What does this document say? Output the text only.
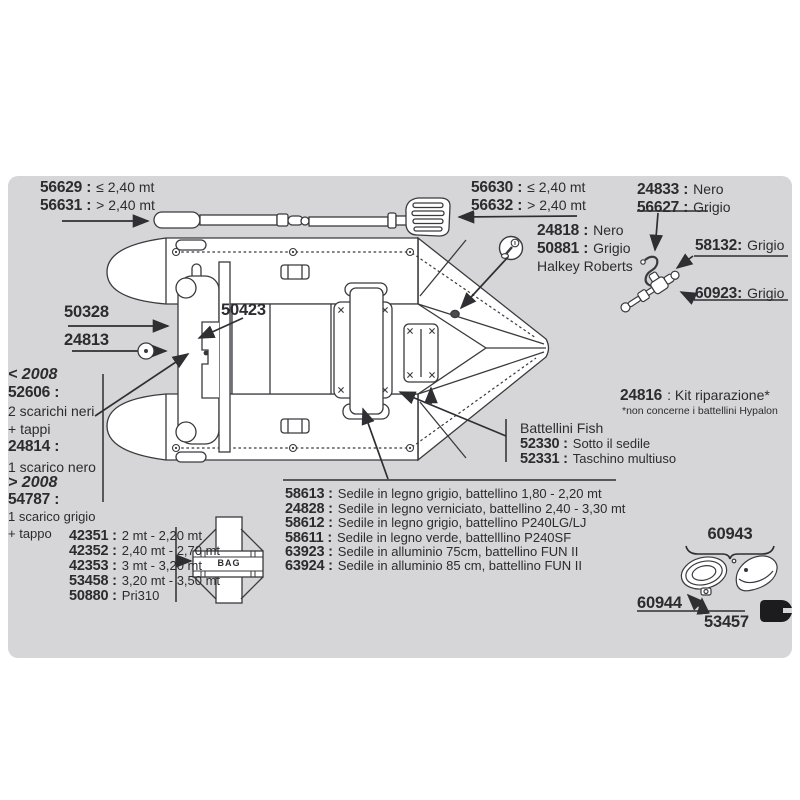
56629 : ≤ 2,40 mt
56631 : > 2,40 mt
56630 : ≤ 2,40 mt
56632 : > 2,40 mt
24833 : Nero
56627 : Grigio
24818 : Nero
50881 : Grigio
Halkey Roberts
58132: Grigio
60923: Grigio
50328
24813
50423
< 2008
52606 :
2 scarichi neri
+ tappi
24814 :
1 scarico nero
> 2008
54787 :
1 scarico grigio
+ tappo 42351 : 2 mt - 2,20 mt
42352 : 2,40 mt - 2,70 mt
42353 : 3 mt - 3,20 mt
53458 : 3,20 mt - 3,50 mt
50880 : Pri310
BAG
24816 : Kit riparazione*
*non concerne i battellini Hypalon
Battellini Fish
52330 : Sotto il sedile
52331 : Taschino multiuso
58613 : Sedile in legno grigio, battellino 1,80 - 2,20 mt
24828 : Sedile in legno verniciato, battellino 2,40 - 3,30 mt
58612 : Sedile in legno grigio, battellino P240LG/LJ
58611 : Sedile in legno verde, battelllino P240SF
63923 : Sedile in alluminio 75cm, battellino FUN II
63924 : Sedile in alluminio 85 cm, battellino FUN II
60943
60944
53457
